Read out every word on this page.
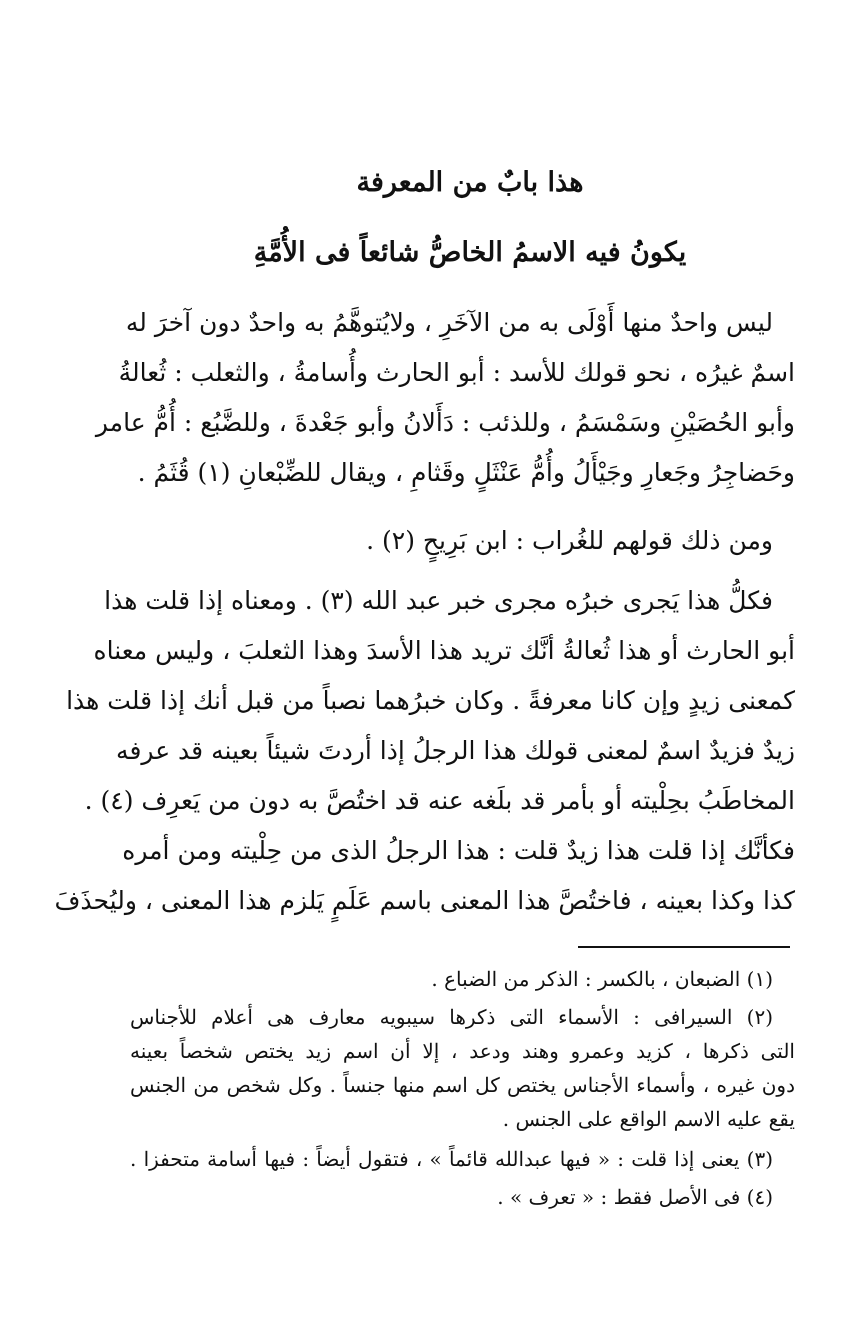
هذا بابٌ من المعرفة
يكونُ فيه الاسمُ الخاصُّ شائعاً فى الأُمَّةِ
ليس واحدٌ منها أَوْلَى به من الآخَرِ ، ولايُتوهَّمُ به واحدٌ دون آخرَ له
اسمٌ غيرُه ، نحو قولك للأسد : أبو الحارث وأُسامةُ ، والثعلب : ثُعالةُ
وأبو الحُصَيْنِ وسَمْسَمُ ، وللذئب : دَأَلانُ وأبو جَعْدةَ ، وللضَّبُع : أُمُّ عامر
وحَضاجِرُ وجَعارِ وجَيْأَلُ وأُمُّ عَنْثَلٍ وقَثامِ ، ويقال للضِّبْعانِ (١) قُثَمُ .
ومن ذلك قولهم للغُراب : ابن بَرِيحٍ (٢) .
فكلُّ هذا يَجرى خبرُه مجرى خبر عبد الله (٣) . ومعناه إذا قلت هذا
أبو الحارث أو هذا ثُعالةُ أنَّك تريد هذا الأسدَ وهذا الثعلبَ ، وليس معناه
كمعنى زيدٍ وإن كانا معرفةً . وكان خبرُهما نصباً من قبل أنك إذا قلت هذا
زيدٌ فزيدٌ اسمٌ لمعنى قولك هذا الرجلُ إذا أردتَ شيئاً بعينه قد عرفه
المخاطَبُ بحِلْيته أو بأمر قد بلَغه عنه قد اختُصَّ به دون من يَعرِف (٤) .
فكأنَّك إذا قلت هذا زيدٌ قلت : هذا الرجلُ الذى من حِلْيته ومن أمره
كذا وكذا بعينه ، فاختُصَّ هذا المعنى باسم عَلَمٍ يَلزم هذا المعنى ، وليُحذَفَ
(١) الضبعان ، بالكسر : الذكر من الضباع .
(٢) السيرافى : الأسماء التى ذكرها سيبويه معارف هى أعلام للأجناس
التى ذكرها ، كزيد وعمرو وهند ودعد ، إلا أن اسم زيد يختص شخصاً بعينه
دون غيره ، وأسماء الأجناس يختص كل اسم منها جنساً . وكل شخص من الجنس
يقع عليه الاسم الواقع على الجنس .
(٣) يعنى إذا قلت : « فيها عبدالله قائماً » ، فتقول أيضاً : فيها أسامة متحفزا .
(٤) فى الأصل فقط : « تعرف » .
